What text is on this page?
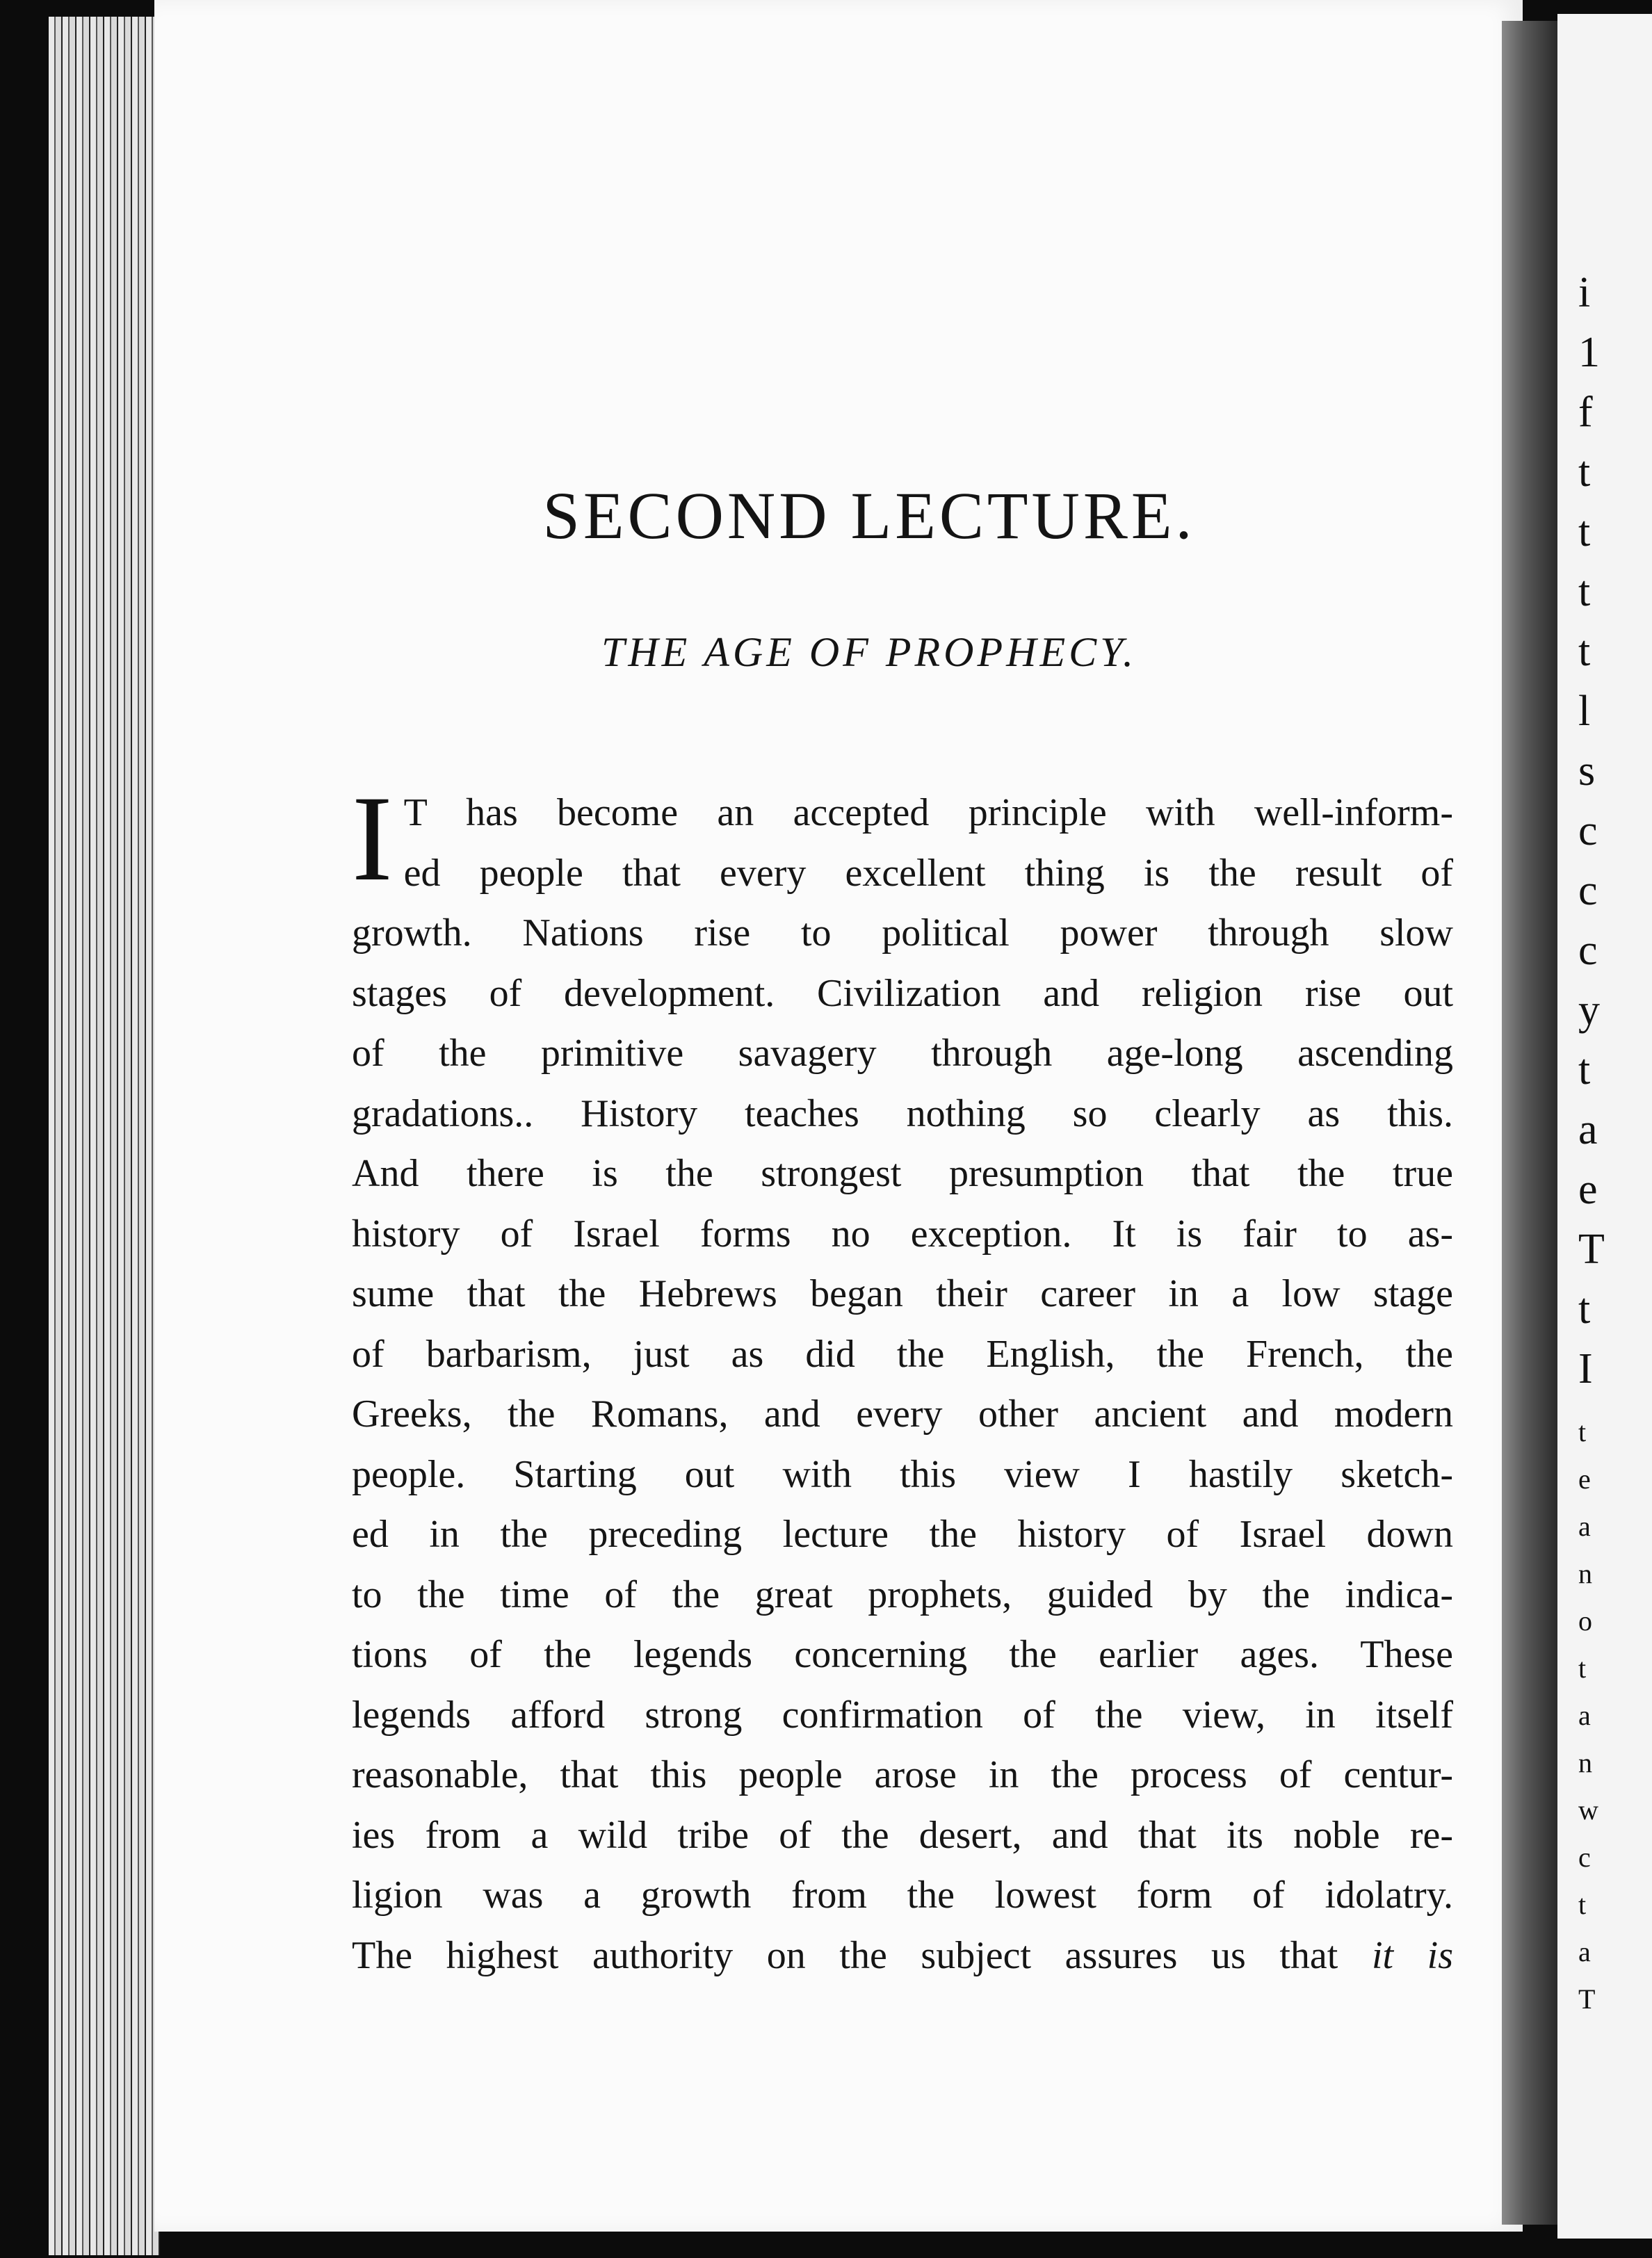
i
1
f
t
t
t
t
l
s
c
c
c
y
t
a
e
T
t
I
t
e
a
n
o
t
a
n
w
c
t
a
T
SECOND LECTURE.
THE AGE OF PROPHECY.
I T has become an accepted principle with well-inform-
ed people that every excellent thing is the result of
growth. Nations rise to political power through slow
stages of development. Civilization and religion rise out
of the primitive savagery through age-long ascending
gradations.. History teaches nothing so clearly as this.
And there is the strongest presumption that the true
history of Israel forms no exception. It is fair to as-
sume that the Hebrews began their career in a low stage
of barbarism, just as did the English, the French, the
Greeks, the Romans, and every other ancient and modern
people. Starting out with this view I hastily sketch-
ed in the preceding lecture the history of Israel down
to the time of the great prophets, guided by the indica-
tions of the legends concerning the earlier ages. These
legends afford strong confirmation of the view, in itself
reasonable, that this people arose in the process of centur-
ies from a wild tribe of the desert, and that its noble re-
ligion was a growth from the lowest form of idolatry.
The highest authority on the subject assures us that it is
